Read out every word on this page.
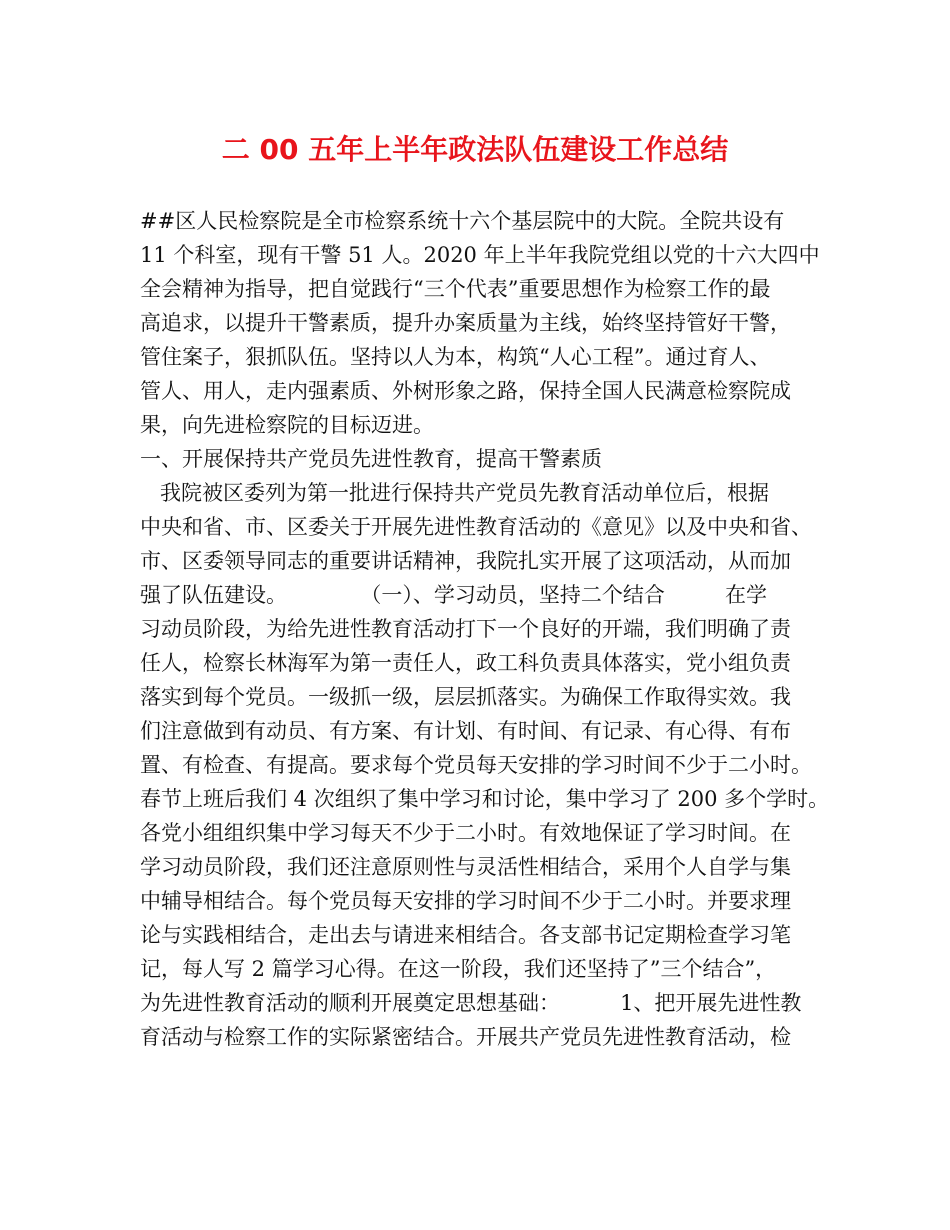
二 00 五年上半年政法队伍建设工作总结
##区人民检察院是全市检察系统十六个基层院中的大院。全院共设有
11 个科室，现有干警 51 人。2020 年上半年我院党组以党的十六大四中
全会精神为指导，把自觉践行“三个代表”重要思想作为检察工作的最
高追求，以提升干警素质，提升办案质量为主线，始终坚持管好干警，
管住案子，狠抓队伍。坚持以人为本，构筑“人心工程”。通过育人、
管人、用人，走内强素质、外树形象之路，保持全国人民满意检察院成
果，向先进检察院的目标迈进。
一、开展保持共产党员先进性教育，提高干警素质
我院被区委列为第一批进行保持共产党员先教育活动单位后，根据
中央和省、市、区委关于开展先进性教育活动的《意见》以及中央和省、
市、区委领导同志的重要讲话精神，我院扎实开展了这项活动，从而加
强了队伍建设。           （一）、学习动员，坚持二个结合         在学
习动员阶段，为给先进性教育活动打下一个良好的开端，我们明确了责
任人，检察长林海军为第一责任人，政工科负责具体落实，党小组负责
落实到每个党员。一级抓一级，层层抓落实。为确保工作取得实效。我
们注意做到有动员、有方案、有计划、有时间、有记录、有心得、有布
置、有检查、有提高。要求每个党员每天安排的学习时间不少于二小时。
春节上班后我们 4 次组织了集中学习和讨论，集中学习了 200 多个学时。
各党小组组织集中学习每天不少于二小时。有效地保证了学习时间。在
学习动员阶段，我们还注意原则性与灵活性相结合，采用个人自学与集
中辅导相结合。每个党员每天安排的学习时间不少于二小时。并要求理
论与实践相结合，走出去与请进来相结合。各支部书记定期检查学习笔
记，每人写 2 篇学习心得。在这一阶段，我们还坚持了”三个结合”，
为先进性教育活动的顺利开展奠定思想基础：         1、把开展先进性教
育活动与检察工作的实际紧密结合。开展共产党员先进性教育活动，检
